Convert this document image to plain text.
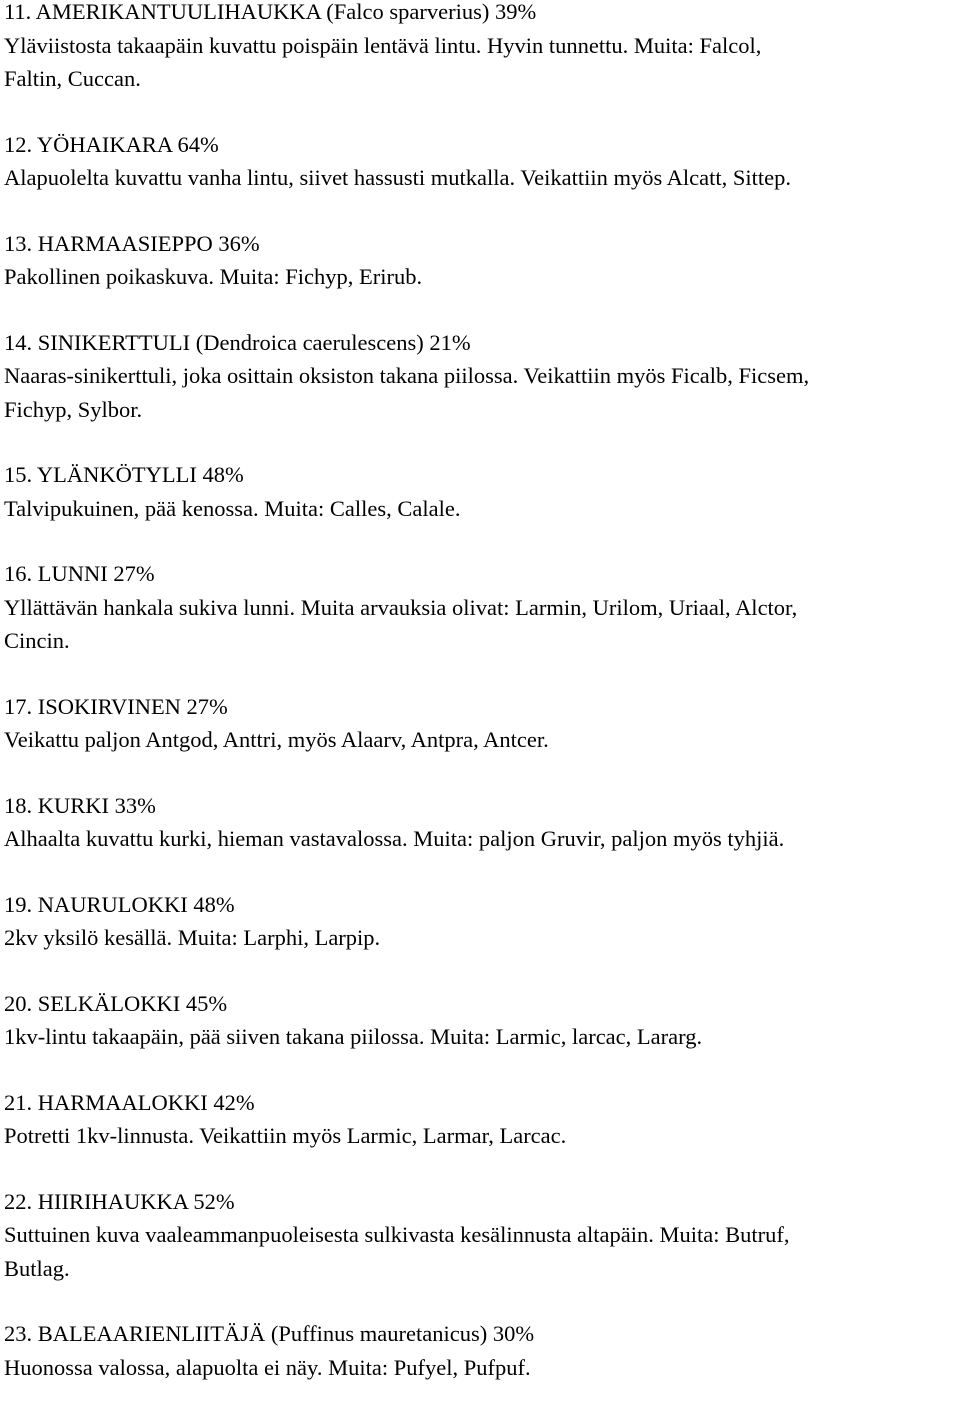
11. AMERIKANTUULIHAUKKA (Falco sparverius) 39%
Yläviistosta takaapäin kuvattu poispäin lentävä lintu. Hyvin tunnettu. Muita: Falcol,
Faltin, Cuccan.
12. YÖHAIKARA 64%
Alapuolelta kuvattu vanha lintu, siivet hassusti mutkalla. Veikattiin myös Alcatt, Sittep.
13. HARMAASIEPPO 36%
Pakollinen poikaskuva. Muita: Fichyp, Erirub.
14. SINIKERTTULI (Dendroica caerulescens) 21%
Naaras-sinikerttuli, joka osittain oksiston takana piilossa. Veikattiin myös Ficalb, Ficsem,
Fichyp, Sylbor.
15. YLÄNKÖTYLLI 48%
Talvipukuinen, pää kenossa. Muita: Calles, Calale.
16. LUNNI 27%
Yllättävän hankala sukiva lunni. Muita arvauksia olivat: Larmin, Urilom, Uriaal, Alctor,
Cincin.
17. ISOKIRVINEN 27%
Veikattu paljon Antgod, Anttri, myös Alaarv, Antpra, Antcer.
18. KURKI 33%
Alhaalta kuvattu kurki, hieman vastavalossa. Muita: paljon Gruvir, paljon myös tyhjiä.
19. NAURULOKKI 48%
2kv yksilö kesällä. Muita: Larphi, Larpip.
20. SELKÄLOKKI 45%
1kv-lintu takaapäin, pää siiven takana piilossa. Muita: Larmic, larcac, Lararg.
21. HARMAALOKKI 42%
Potretti 1kv-linnusta. Veikattiin myös Larmic, Larmar, Larcac.
22. HIIRIHAUKKA 52%
Suttuinen kuva vaaleammanpuoleisesta sulkivasta kesälinnusta altapäin. Muita: Butruf,
Butlag.
23. BALEAARIENLIITÄJÄ (Puffinus mauretanicus) 30%
Huonossa valossa, alapuolta ei näy. Muita: Pufyel, Pufpuf.
